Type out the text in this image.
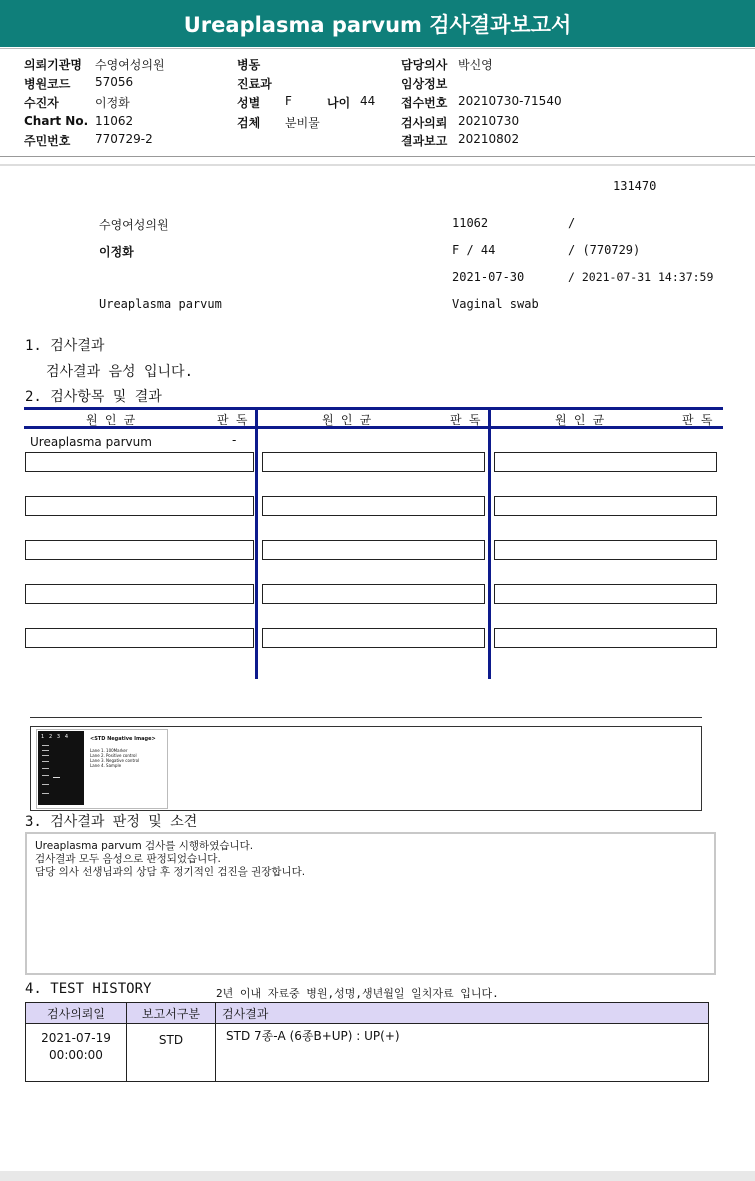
Ureaplasma parvum 검사결과보고서
의뢰기관명 수영여성의원
병원코드 57056
수진자	이정화
Chart No. 11062
주민번호 770729-2
병동
진료과
성별 F	나이 44
검체 분비물
담당의사 박신영
임상정보
접수번호 20210730-71540
검사의뢰 20210730
결과보고 20210802
131470
수영여성의원	11062	/
이정화	F / 44	/ (770729)
2021-07-30	/ 2021-07-31 14:37:59
Ureaplasma parvum	Vaginal swab
1. 검사결과
검사결과 음성 입니다.
2. 검사항목 및 결과
원 인 균	판 독	원 인 균	판 독	원 인 균	판 독
Ureaplasma parvum	-
1   2   3   4	<STD Negative Image>
Lane 1. 100Marker
Lane 2. Positive control
Lane 3. Negative control
Lane 4. Sample
3. 검사결과 판정 및 소견
Ureaplasma parvum 검사를 시행하였습니다.
검사결과 모두 음성으로 판정되었습니다.
담당 의사 선생님과의 상담 후 정기적인 검진을 권장합니다.
4. TEST HISTORY	2년 이내 자료중 병원,성명,생년월일 일치자료 입니다.
검사의뢰일	보고서구분	검사결과

2021-07-19
00:00:00	STD	STD 7종-A (6종B+UP) : UP(+)
